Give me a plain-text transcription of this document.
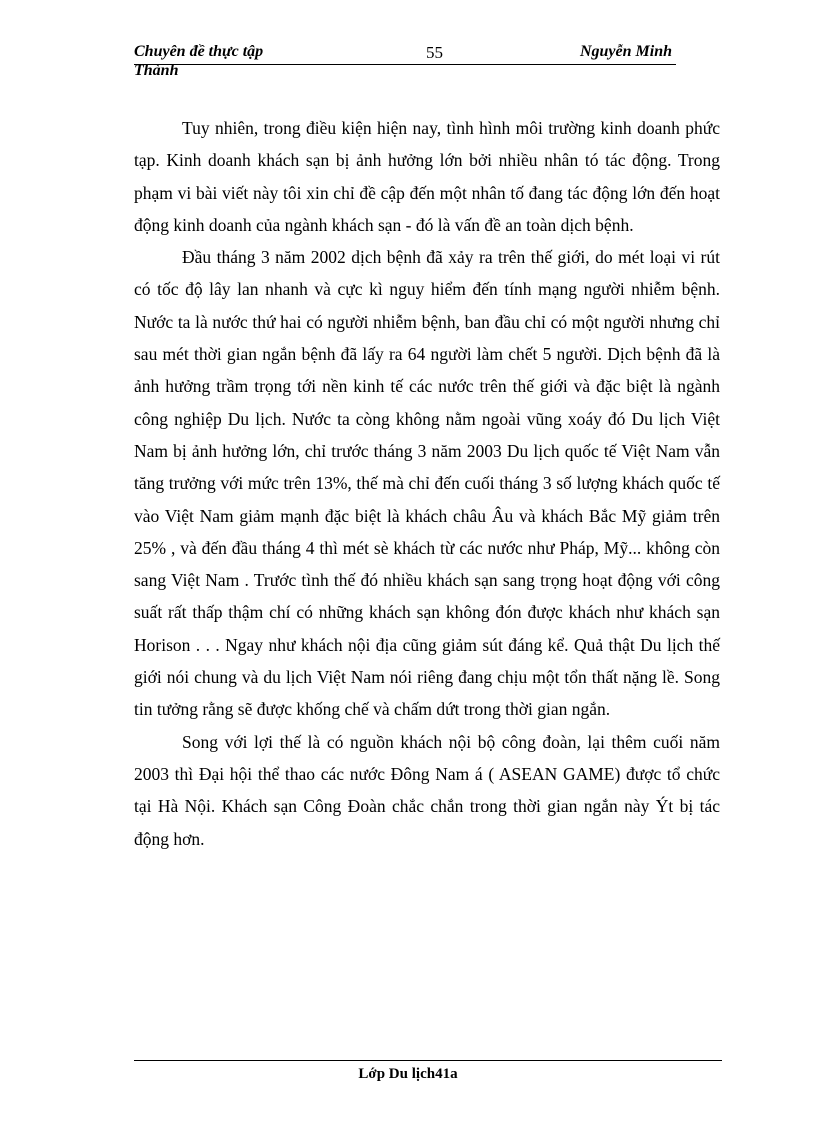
Chuyên đề thực tập	55	Nguyễn Minh
Thành

Tuy nhiên, trong điều kiện hiện nay, tình hình môi trường kinh doanh phức tạp. Kinh doanh khách sạn bị ảnh hưởng lớn bởi nhiều nhân tó tác động. Trong phạm vi bài viết này tôi xin chỉ đề cập đến một nhân tố đang tác động lớn đến hoạt động kinh doanh của ngành khách sạn - đó là vấn đề an toàn dịch bệnh.

Đầu tháng 3 năm 2002 dịch bệnh đã xảy ra trên thế giới, do mét loại vi rút có tốc độ lây lan nhanh và cực kì nguy hiểm đến tính mạng người nhiễm bệnh. Nước ta là nước thứ hai có người nhiễm bệnh, ban đầu chỉ có một người nhưng chỉ sau mét thời gian ngắn bệnh đã lấy ra 64 người làm chết 5 người. Dịch bệnh đã là ảnh hưởng trầm trọng tới nền kinh tế các nước trên thế giới và đặc biệt là ngành công nghiệp Du lịch. Nước ta còng không nằm ngoài vũng xoáy đó Du lịch Việt Nam bị ảnh hưởng lớn, chỉ trước tháng 3 năm 2003 Du lịch quốc tế Việt Nam vẫn tăng trưởng với mức trên 13%, thế mà chỉ đến cuối tháng 3 số lượng khách quốc tế vào Việt Nam giảm mạnh đặc biệt là khách châu Âu và khách Bắc Mỹ giảm trên 25% , và đến đầu tháng 4 thì mét sè khách từ các nước như Pháp, Mỹ... không còn sang Việt Nam . Trước tình thế đó nhiều khách sạn sang trọng hoạt động với công suất rất thấp thậm chí có những khách sạn không đón được khách như khách sạn Horison . . . Ngay như khách nội địa cũng giảm sút đáng kể. Quả thật Du lịch thế giới nói chung và du lịch Việt Nam nói riêng đang chịu một tổn thất nặng lề. Song tin tưởng rằng sẽ được khống chế và chấm dứt trong thời gian ngắn.

Song với lợi thế là có nguồn khách nội bộ công đoàn, lại thêm cuối năm 2003 thì Đại hội thể thao các nước Đông Nam á ( ASEAN GAME) được tổ chức tại Hà Nội. Khách sạn Công Đoàn chắc chắn trong thời gian ngắn này Ýt bị tác động hơn.

Lớp Du lịch41a
